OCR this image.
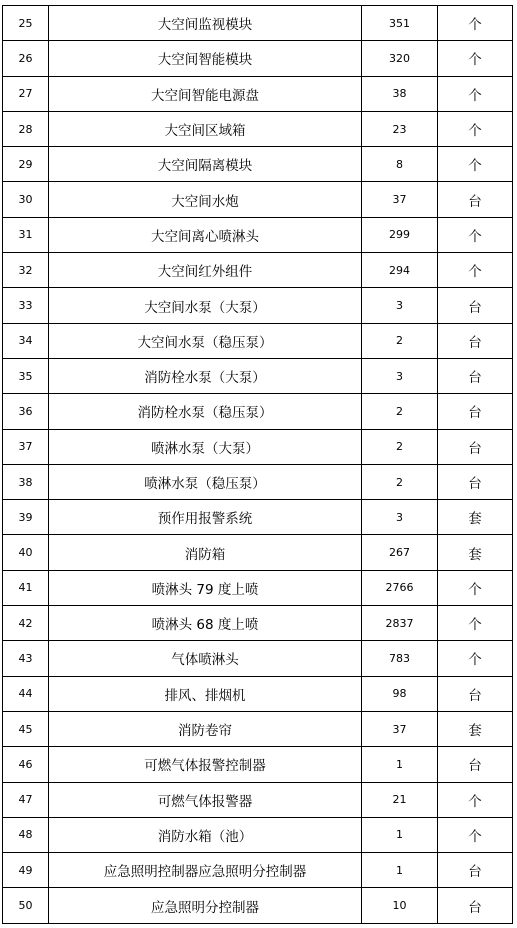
25	大空间监视模块	351	个
26	大空间智能模块	320	个
27	大空间智能电源盘	38	个
28	大空间区域箱	23	个
29	大空间隔离模块	8	个
30	大空间水炮	37	台
31	大空间离心喷淋头	299	个
32	大空间红外组件	294	个
33	大空间水泵（大泵）	3	台
34	大空间水泵（稳压泵）	2	台
35	消防栓水泵（大泵）	3	台
36	消防栓水泵（稳压泵）	2	台
37	喷淋水泵（大泵）	2	台
38	喷淋水泵（稳压泵）	2	台
39	预作用报警系统	3	套
40	消防箱	267	套
41	喷淋头 79 度上喷	2766	个
42	喷淋头 68 度上喷	2837	个
43	气体喷淋头	783	个
44	排风、排烟机	98	台
45	消防卷帘	37	套
46	可燃气体报警控制器	1	台
47	可燃气体报警器	21	个
48	消防水箱（池）	1	个
49	应急照明控制器应急照明分控制器	1	台
50	应急照明分控制器	10	台
